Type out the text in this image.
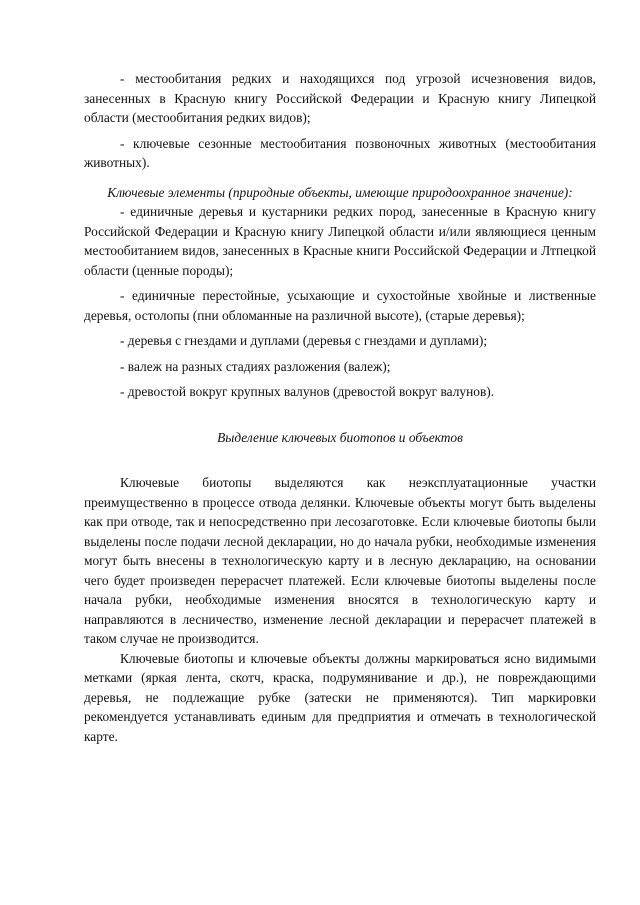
- местообитания редких и находящихся под угрозой исчезновения видов, занесенных в Красную книгу Российской Федерации и Красную книгу Липецкой области (местообитания редких видов);

- ключевые сезонные местообитания позвоночных животных (местообитания животных).

Ключевые элементы (природные объекты, имеющие природоохранное значение):

- единичные деревья и кустарники редких пород, занесенные в Красную книгу Российской Федерации и Красную книгу Липецкой области и/или являющиеся ценным местообитанием видов, занесенных в Красные книги Российской Федерации и Лтпецкой области (ценные породы);

- единичные перестойные, усыхающие и сухостойные хвойные и лиственные деревья, остолопы (пни обломанные на различной высоте), (старые деревья);

- деревья с гнездами и дуплами (деревья с гнездами и дуплами);

- валеж на разных стадиях разложения (валеж);

- древостой вокруг крупных валунов (древостой вокруг валунов).

Выделение ключевых биотопов и объектов

Ключевые биотопы выделяются как неэксплуатационные участки преимущественно в процессе отвода делянки. Ключевые объекты могут быть выделены как при отводе, так и непосредственно при лесозаготовке. Если ключевые биотопы были выделены после подачи лесной декларации, но до начала рубки, необходимые изменения могут быть внесены в технологическую карту и в лесную декларацию, на основании чего будет произведен перерасчет платежей. Если ключевые биотопы выделены после начала рубки, необходимые изменения вносятся в технологическую карту и направляются в лесничество, изменение лесной декларации и перерасчет платежей в таком случае не производится.

Ключевые биотопы и ключевые объекты должны маркироваться ясно видимыми метками (яркая лента, скотч, краска, подрумянивание и др.), не повреждающими деревья, не подлежащие рубке (затески не применяются). Тип маркировки рекомендуется устанавливать единым для предприятия и отмечать в технологической карте.
